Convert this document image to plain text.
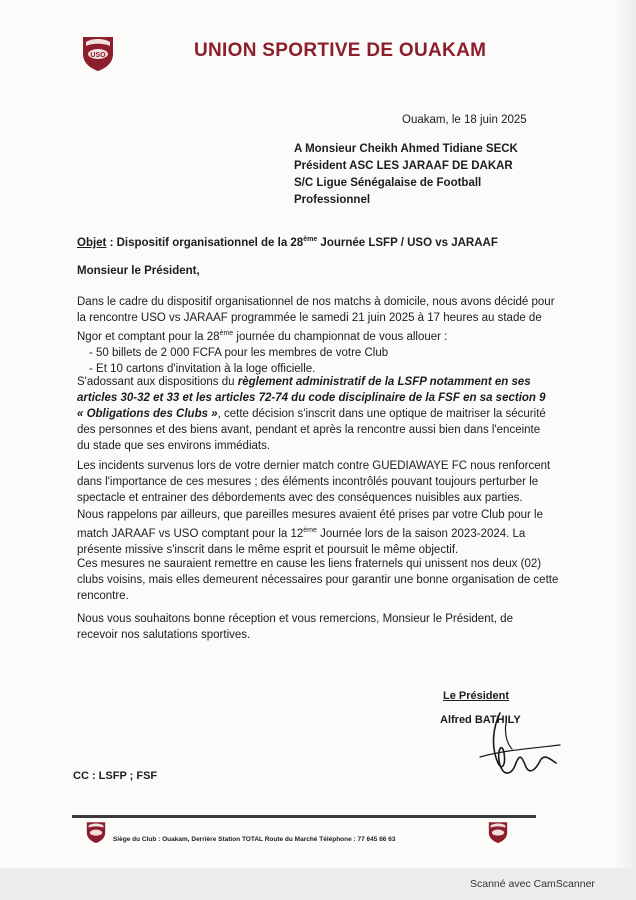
USO	UNION SPORTIVE DE OUAKAM
Ouakam, le 18 juin 2025
A Monsieur Cheikh Ahmed Tidiane SECK
Président ASC LES JARAAF DE DAKAR
S/C Ligue Sénégalaise de Football
Professionnel
Objet : Dispositif organisationnel de la 28ème Journée LSFP / USO vs JARAAF
Monsieur le Président,
Dans le cadre du dispositif organisationnel de nos matchs à domicile, nous avons décidé pour
la rencontre USO vs JARAAF programmée le samedi 21 juin 2025 à 17 heures au stade de
Ngor et comptant pour la 28ème journée du championnat de vous allouer :
- 50 billets de 2 000 FCFA pour les membres de votre Club
- Et 10 cartons d'invitation à la loge officielle.
S'adossant aux dispositions du règlement administratif de la LSFP notamment en ses
articles 30-32 et 33 et les articles 72-74 du code disciplinaire de la FSF en sa section 9
« Obligations des Clubs », cette décision s'inscrit dans une optique de maitriser la sécurité
des personnes et des biens avant, pendant et après la rencontre aussi bien dans l'enceinte
du stade que ses environs immédiats.
Les incidents survenus lors de votre dernier match contre GUEDIAWAYE FC nous renforcent
dans l'importance de ces mesures ; des éléments incontrôlés pouvant toujours perturber le
spectacle et entrainer des débordements avec des conséquences nuisibles aux parties.
Nous rappelons par ailleurs, que pareilles mesures avaient été prises par votre Club pour le
match JARAAF vs USO comptant pour la 12ème Journée lors de la saison 2023-2024. La
présente missive s'inscrit dans le même esprit et poursuit le même objectif.
Ces mesures ne sauraient remettre en cause les liens fraternels qui unissent nos deux (02)
clubs voisins, mais elles demeurent nécessaires pour garantir une bonne organisation de cette
rencontre.
Nous vous souhaitons bonne réception et vous remercions, Monsieur le Président, de
recevoir nos salutations sportives.
Le Président
Alfred BATHILY
CC : LSFP ; FSF
Siège du Club : Ouakam, Derrière Station TOTAL Route du Marché Téléphone : 77 645 66 63
Scanné avec CamScanner
